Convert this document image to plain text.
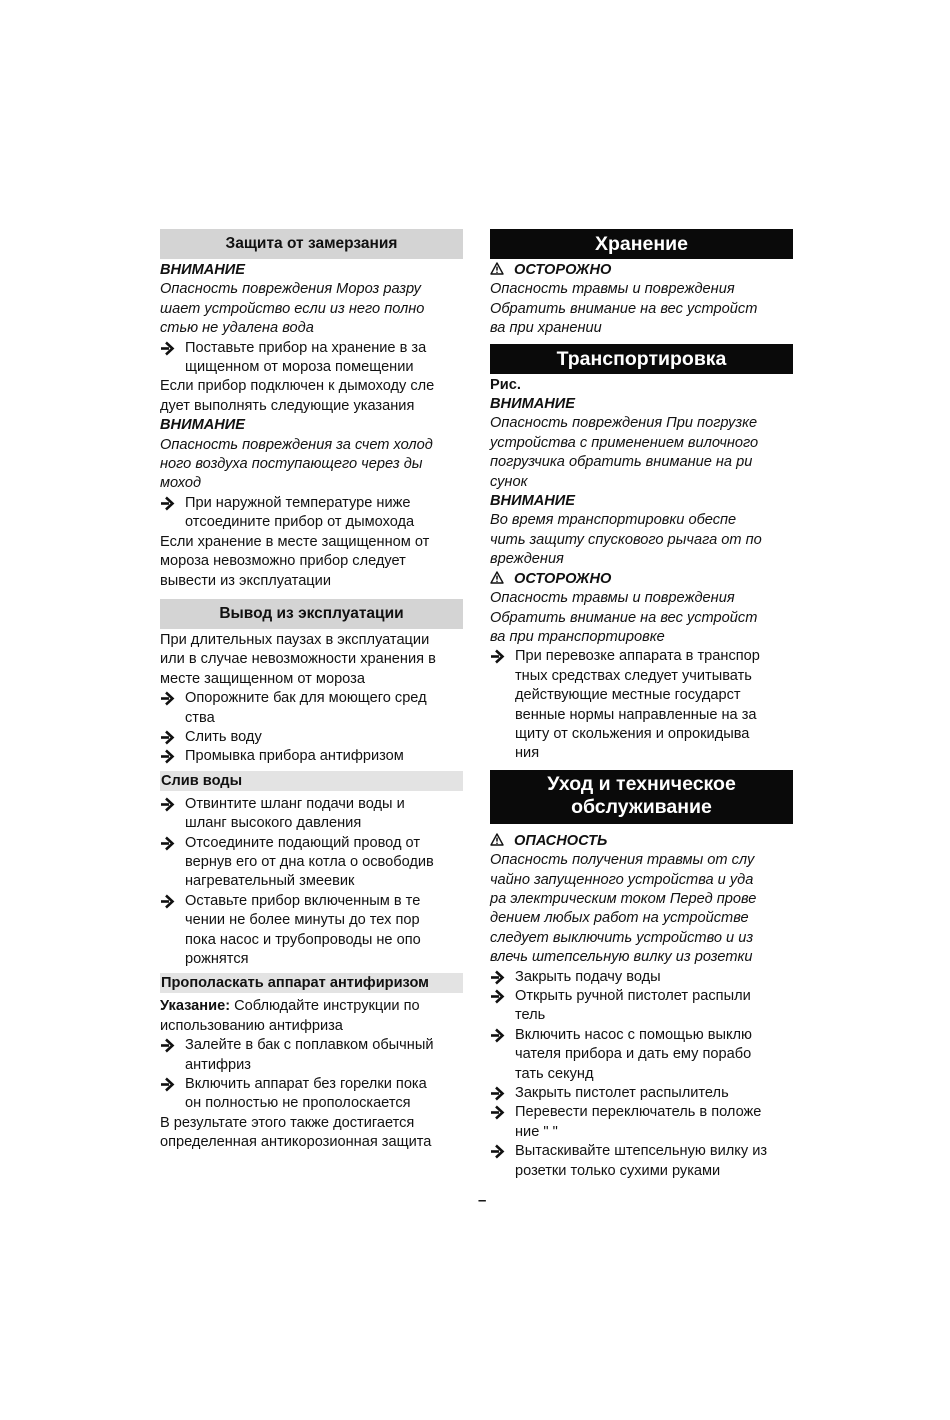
Защита от замерзания
ВНИМАНИЕ
Опасность повреждения Мороз разру
шает устройство если из него полно
стью не удалена вода
Поставьте прибор на хранение в за
щищенном от мороза помещении
Если прибор подключен к дымоходу сле
дует выполнять следующие указания
ВНИМАНИЕ
Опасность повреждения за счет холод
ного воздуха поступающего через ды
моход
При наружной температуре ниже
отсоедините прибор от дымохода
Если хранение в месте защищенном от
мороза невозможно прибор следует
вывести из эксплуатации
Вывод из эксплуатации
При длительных паузах в эксплуатации
или в случае невозможности хранения в
месте защищенном от мороза
Опорожните бак для моющего сред
ства
Слить воду
Промывка прибора антифризом
Слив воды
Отвинтите шланг подачи воды и
шланг высокого давления
Отсоедините подающий провод от
вернув его от дна котла о освободив
нагревательный змеевик
Оставьте прибор включенным в те
чении не более минуты до тех пор
пока насос и трубопроводы не опо
рожнятся
Прополаскать аппарат антифиризом
Указание: Соблюдайте инструкции по
использованию антифриза
Залейте в бак с поплавком обычный
антифриз
Включить аппарат без горелки пока
он полностью не прополоскается
В результате этого также достигается
определенная антикорозионная защита
Хранение
ОСТОРОЖНО
Опасность травмы и повреждения
Обратить внимание на вес устройст
ва при хранении
Транспортировка
Рис.
ВНИМАНИЕ
Опасность повреждения При погрузке
устройства с применением вилочного
погрузчика обратить внимание на ри
сунок
ВНИМАНИЕ
Во время транспортировки обеспе
чить защиту спускового рычага от по
вреждения
ОСТОРОЖНО
Опасность травмы и повреждения
Обратить внимание на вес устройст
ва при транспортировке
При перевозке аппарата в транспор
тных средствах следует учитывать
действующие местные государст
венные нормы направленные на за
щиту от скольжения и опрокидыва
ния
Уход и техническое
обслуживание
ОПАСНОСТЬ
Опасность получения травмы от слу
чайно запущенного устройства и уда
ра электрическим током Перед прове
дением любых работ на устройстве
следует выключить устройство и из
влечь штепсельную вилку из розетки
Закрыть подачу воды
Открыть ручной пистолет распыли
тель
Включить насос с помощью выклю
чателя прибора и дать ему порабо
тать секунд
Закрыть пистолет распылитель
Перевести переключатель в положе
ние " "
Вытаскивайте штепсельную вилку из
розетки только сухими руками
–
